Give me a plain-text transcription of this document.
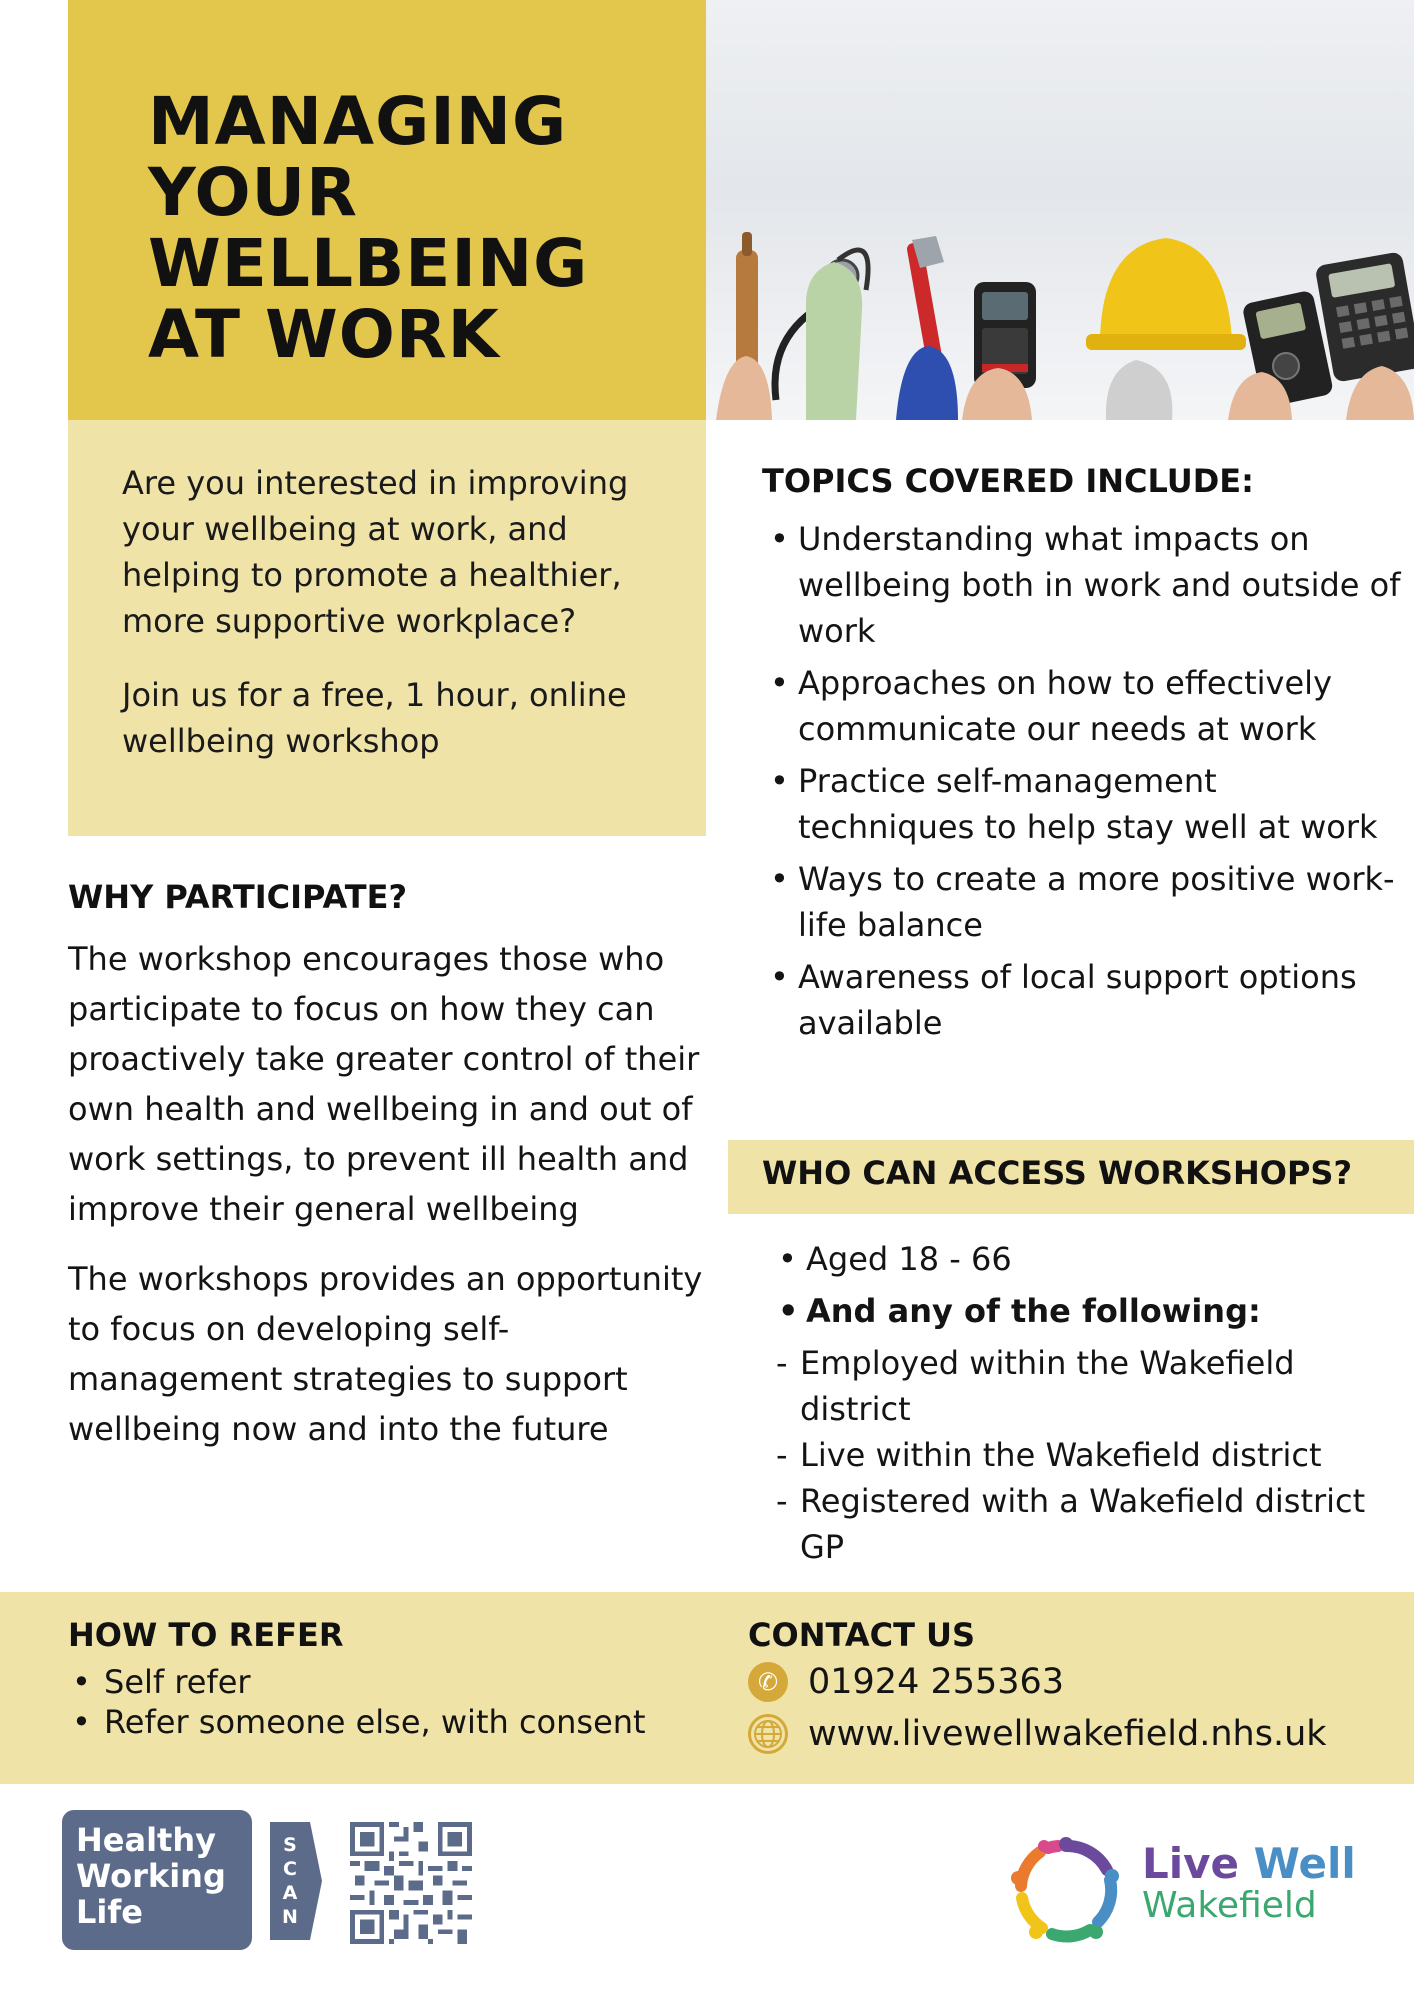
MANAGING
YOUR
WELLBEING
AT WORK

Are you interested in improving your wellbeing at work, and helping to promote a healthier, more supportive workplace?

Join us for a free, 1 hour, online wellbeing workshop

TOPICS COVERED INCLUDE:
• Understanding what impacts on wellbeing both in work and outside of work
• Approaches on how to effectively communicate our needs at work
• Practice self-management techniques to help stay well at work
• Ways to create a more positive work-life balance
• Awareness of local support options available
WHY PARTICIPATE?

The workshop encourages those who participate to focus on how they can proactively take greater control of their own health and wellbeing in and out of work settings, to prevent ill health and improve their general wellbeing

The workshops provides an opportunity to focus on developing self-management strategies to support wellbeing now and into the future

WHO CAN ACCESS WORKSHOPS?
• Aged 18 - 66
• And any of the following:
- Employed within the Wakefield district
- Live within the Wakefield district
- Registered with a Wakefield district GP
HOW TO REFER
• Self refer
• Refer someone else, with consent
CONTACT US
✆ 01924 255363
www.livewellwakefield.nhs.uk
Healthy
Working
Life
S
C
A
N
Live Well
Wakefield
